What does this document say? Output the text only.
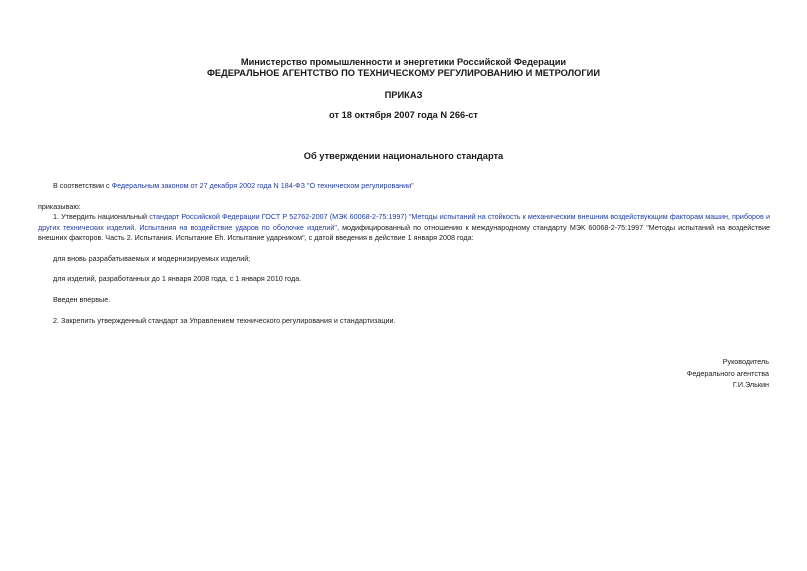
Министерство промышленности и энергетики Российской Федерации
ФЕДЕРАЛЬНОЕ АГЕНТСТВО ПО ТЕХНИЧЕСКОМУ РЕГУЛИРОВАНИЮ И МЕТРОЛОГИИ
ПРИКАЗ
от 18 октября 2007 года N 266-ст
Об утверждении национального стандарта
В соответствии с Федеральным законом от 27 декабря 2002 года N 184-ФЗ "О техническом регулировании"
приказываю:
1. Утвердить национальный стандарт Российской Федерации ГОСТ Р 52762-2007 (МЭК 60068-2-75:1997) "Методы испытаний на стойкость к механическим внешним воздействующим факторам машин, приборов и других технических изделий. Испытания на воздействие ударов по оболочке изделий", модифицированный по отношению к международному стандарту МЭК 60068-2-75:1997 "Методы испытаний на воздействие внешних факторов. Часть 2. Испытания. Испытание Eh. Испытание ударником", с датой введения в действие 1 января 2008 года:
для вновь разрабатываемых и модернизируемых изделий;
для изделий, разработанных до 1 января 2008 года, с 1 января 2010 года.
Введен впервые.
2. Закрепить утвержденный стандарт за Управлением технического регулирования и стандартизации.
Руководитель
Федерального агентства
Г.И.Элькин
